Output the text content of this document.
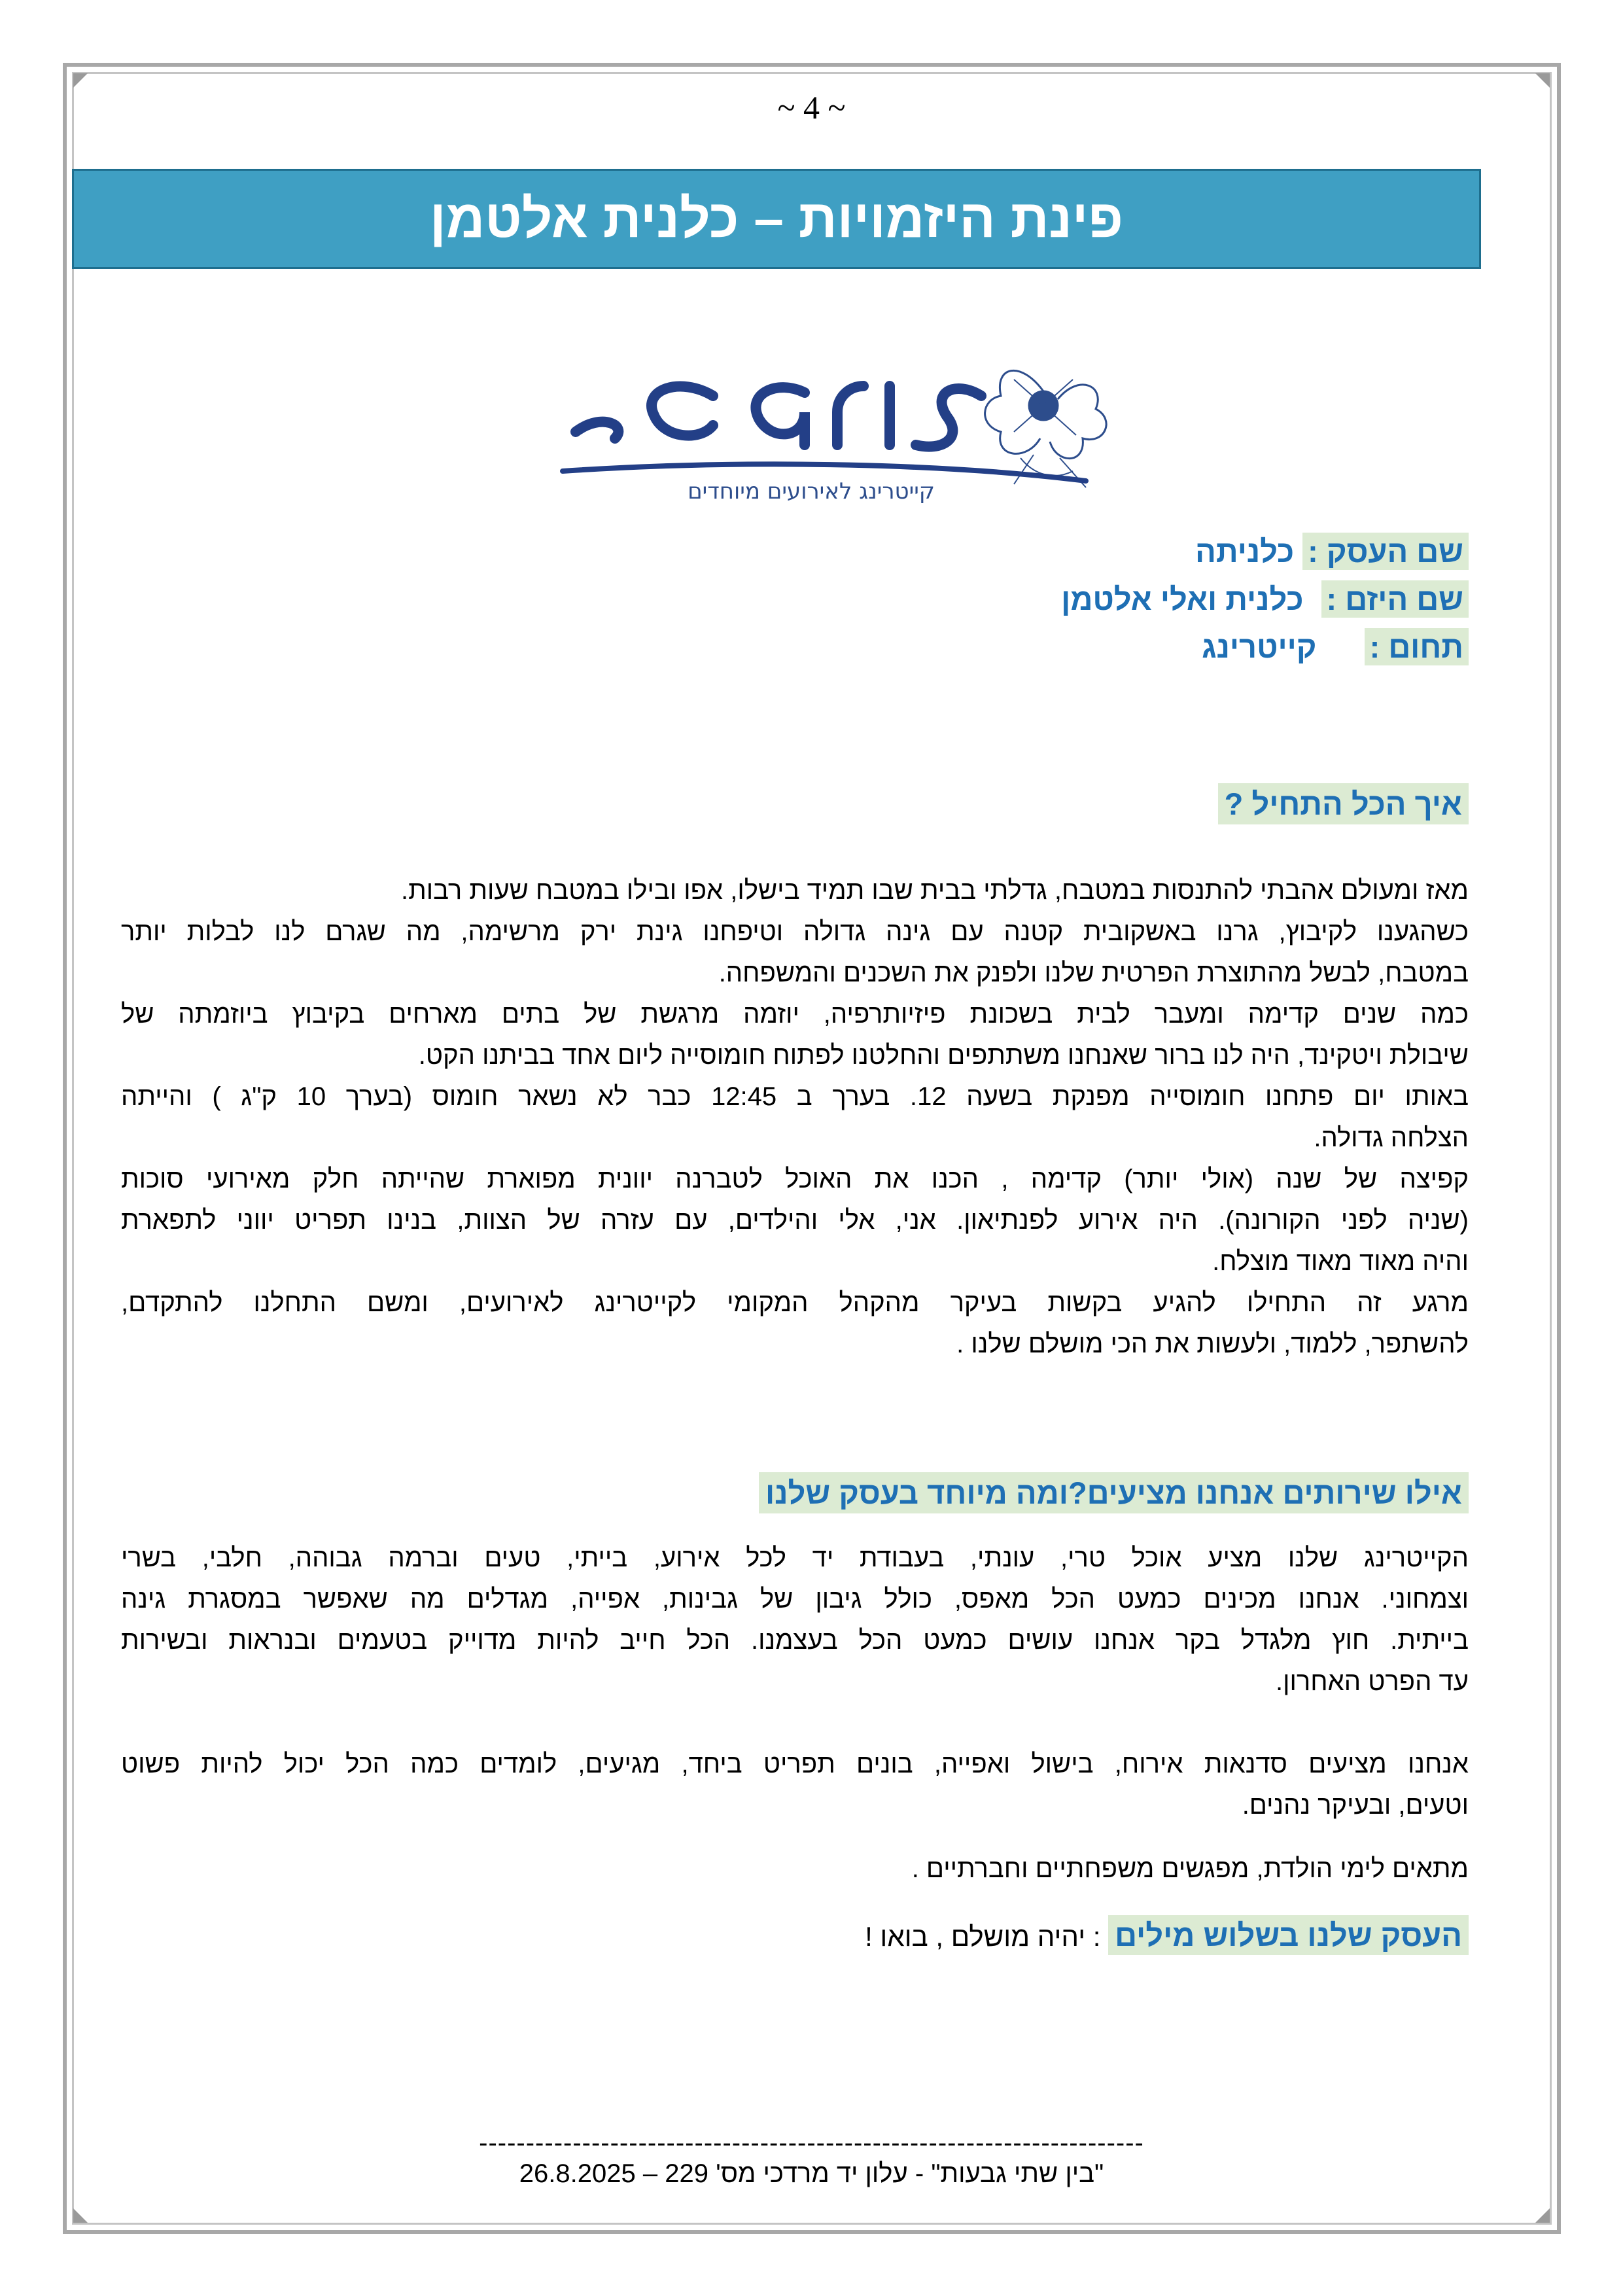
~ 4 ~
פינת היזמויות – כלנית אלטמן
קייטרינג לאירועים מיוחדים
שם העסק : כלניתה
שם היזם : כלנית ואלי אלטמן
תחום : קייטרינג
איך הכל התחיל ?
מאז ומעולם אהבתי להתנסות במטבח, גדלתי בבית שבו תמיד בישלו, אפו ובילו במטבח שעות רבות.
כשהגענו לקיבוץ, גרנו באשקובית קטנה עם גינה גדולה וטיפחנו גינת ירק מרשימה, מה שגרם לנו לבלות יותר
במטבח, לבשל מהתוצרת הפרטית שלנו ולפנק את השכנים והמשפחה.
כמה שנים קדימה ומעבר לבית בשכונת פיזיותרפיה, יוזמה מרגשת של בתים מארחים בקיבוץ ביוזמתה של
שיבולת ויטקינד, היה לנו ברור שאנחנו משתתפים והחלטנו לפתוח חומוסייה ליום אחד בביתנו הקט.
באותו יום פתחנו חומוסייה מפנקת בשעה 12. בערך ב 12:45 כבר לא נשאר חומוס (בערך 10 ק"ג ) והייתה
הצלחה גדולה.
קפיצה של שנה (אולי יותר) קדימה , הכנו את האוכל לטברנה יוונית מפוארת שהייתה חלק מאירועי סוכות
(שניה לפני הקורונה). היה אירוע לפנתיאון. אני, אלי והילדים, עם עזרה של הצוות, בנינו תפריט יווני לתפארת
והיה מאוד מאוד מוצלח.
מרגע זה התחילו להגיע בקשות בעיקר מהקהל המקומי לקייטרינג לאירועים, ומשם התחלנו להתקדם,
להשתפר, ללמוד, ולעשות את הכי מושלם שלנו .
אילו שירותים אנחנו מציעים?ומה מיוחד בעסק שלנו
הקייטרינג שלנו מציע אוכל טרי, עונתי, בעבודת יד לכל אירוע, בייתי, טעים וברמה גבוהה, חלבי, בשרי
וצמחוני. אנחנו מכינים כמעט הכל מאפס, כולל גיבון של גבינות, אפייה, מגדלים מה שאפשר במסגרת גינה
בייתית. חוץ מלגדל בקר אנחנו עושים כמעט הכל בעצמנו. הכל חייב להיות מדוייק בטעמים ובנראות ובשירות
עד הפרט האחרון.
אנחנו מציעים סדנאות אירוח, בישול ואפייה, בונים תפריט ביחד, מגיעים, לומדים כמה הכל יכול להיות פשוט
וטעים, ובעיקר נהנים.
מתאים לימי הולדת, מפגשים משפחתיים וחברתיים .
העסק שלנו בשלוש מילים : יהיה מושלם , בואו !
-----------------------------------------------------------------------
"בין שתי גבעות" - עלון יד מרדכי מס' 229 – 26.8.2025
